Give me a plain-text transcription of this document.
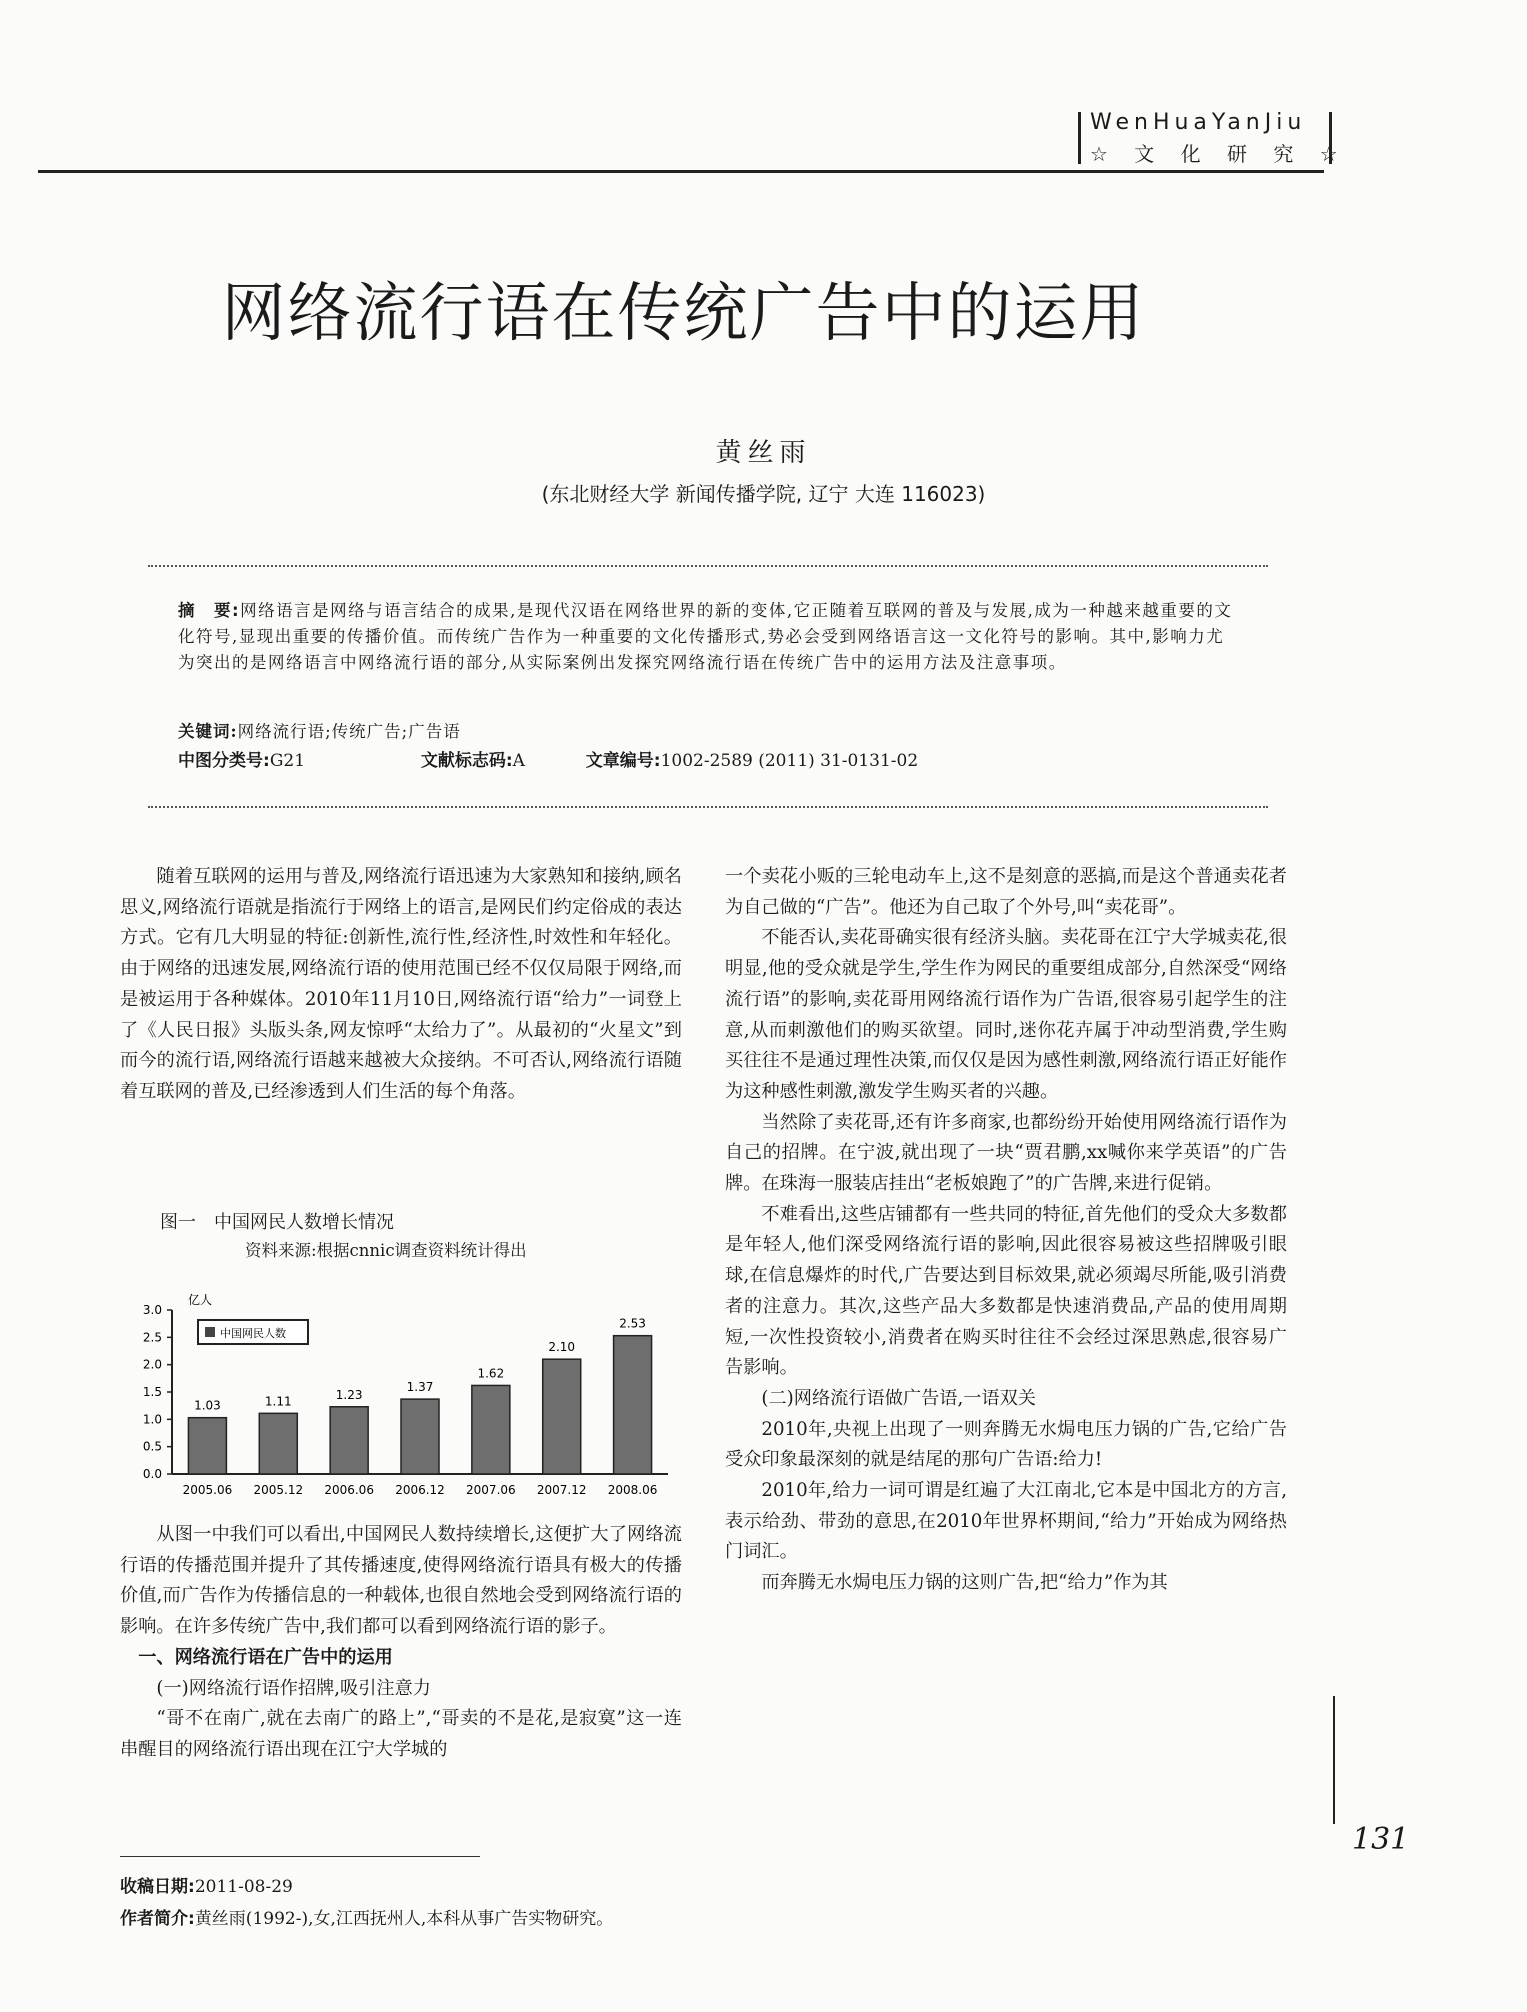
WenHuaYanJiu
☆ 文 化 研 究 ☆
网络流行语在传统广告中的运用
黄丝雨
(东北财经大学 新闻传播学院, 辽宁 大连 116023)
摘　要:网络语言是网络与语言结合的成果,是现代汉语在网络世界的新的变体,它正随着互联网的普及与发展,成为一种越来越重要的文化符号,显现出重要的传播价值。而传统广告作为一种重要的文化传播形式,势必会受到网络语言这一文化符号的影响。其中,影响力尤为突出的是网络语言中网络流行语的部分,从实际案例出发探究网络流行语在传统广告中的运用方法及注意事项。
关键词:网络流行语;传统广告;广告语
中图分类号:G21	文献标志码:A	文章编号:1002-2589 (2011) 31-0131-02

随着互联网的运用与普及,网络流行语迅速为大家熟知和接纳,顾名思义,网络流行语就是指流行于网络上的语言,是网民们约定俗成的表达方式。它有几大明显的特征:创新性,流行性,经济性,时效性和年轻化。由于网络的迅速发展,网络流行语的使用范围已经不仅仅局限于网络,而是被运用于各种媒体。2010年11月10日,网络流行语“给力”一词登上了《人民日报》头版头条,网友惊呼“太给力了”。从最初的“火星文”到而今的流行语,网络流行语越来越被大众接纳。不可否认,网络流行语随着互联网的普及,已经渗透到人们生活的每个角落。

图一　中国网民人数增长情况
资料来源:根据cnnic调查资料统计得出
0.0
0.5
1.0
1.5
2.0
2.5
3.0
1.03
2005.06
1.11
2005.12
1.23
2006.06
1.37
2006.12
1.62
2007.06
2.10
2007.12
2.53
2008.06
中国网民人数
亿人

从图一中我们可以看出,中国网民人数持续增长,这便扩大了网络流行语的传播范围并提升了其传播速度,使得网络流行语具有极大的传播价值,而广告作为传播信息的一种载体,也很自然地会受到网络流行语的影响。在许多传统广告中,我们都可以看到网络流行语的影子。

一、网络流行语在广告中的运用

(一)网络流行语作招牌,吸引注意力

“哥不在南广,就在去南广的路上”,“哥卖的不是花,是寂寞”这一连串醒目的网络流行语出现在江宁大学城的

一个卖花小贩的三轮电动车上,这不是刻意的恶搞,而是这个普通卖花者为自己做的“广告”。他还为自己取了个外号,叫“卖花哥”。

不能否认,卖花哥确实很有经济头脑。卖花哥在江宁大学城卖花,很明显,他的受众就是学生,学生作为网民的重要组成部分,自然深受“网络流行语”的影响,卖花哥用网络流行语作为广告语,很容易引起学生的注意,从而刺激他们的购买欲望。同时,迷你花卉属于冲动型消费,学生购买往往不是通过理性决策,而仅仅是因为感性刺激,网络流行语正好能作为这种感性刺激,激发学生购买者的兴趣。

当然除了卖花哥,还有许多商家,也都纷纷开始使用网络流行语作为自己的招牌。在宁波,就出现了一块“贾君鹏,xx喊你来学英语”的广告牌。在珠海一服装店挂出“老板娘跑了”的广告牌,来进行促销。

不难看出,这些店铺都有一些共同的特征,首先他们的受众大多数都是年轻人,他们深受网络流行语的影响,因此很容易被这些招牌吸引眼球,在信息爆炸的时代,广告要达到目标效果,就必须竭尽所能,吸引消费者的注意力。其次,这些产品大多数都是快速消费品,产品的使用周期短,一次性投资较小,消费者在购买时往往不会经过深思熟虑,很容易广告影响。

(二)网络流行语做广告语,一语双关

2010年,央视上出现了一则奔腾无水焗电压力锅的广告,它给广告受众印象最深刻的就是结尾的那句广告语:给力!

2010年,给力一词可谓是红遍了大江南北,它本是中国北方的方言,表示给劲、带劲的意思,在2010年世界杯期间,“给力”开始成为网络热门词汇。

而奔腾无水焗电压力锅的这则广告,把“给力”作为其

131
收稿日期:2011-08-29
作者简介:黄丝雨(1992-),女,江西抚州人,本科从事广告实物研究。
